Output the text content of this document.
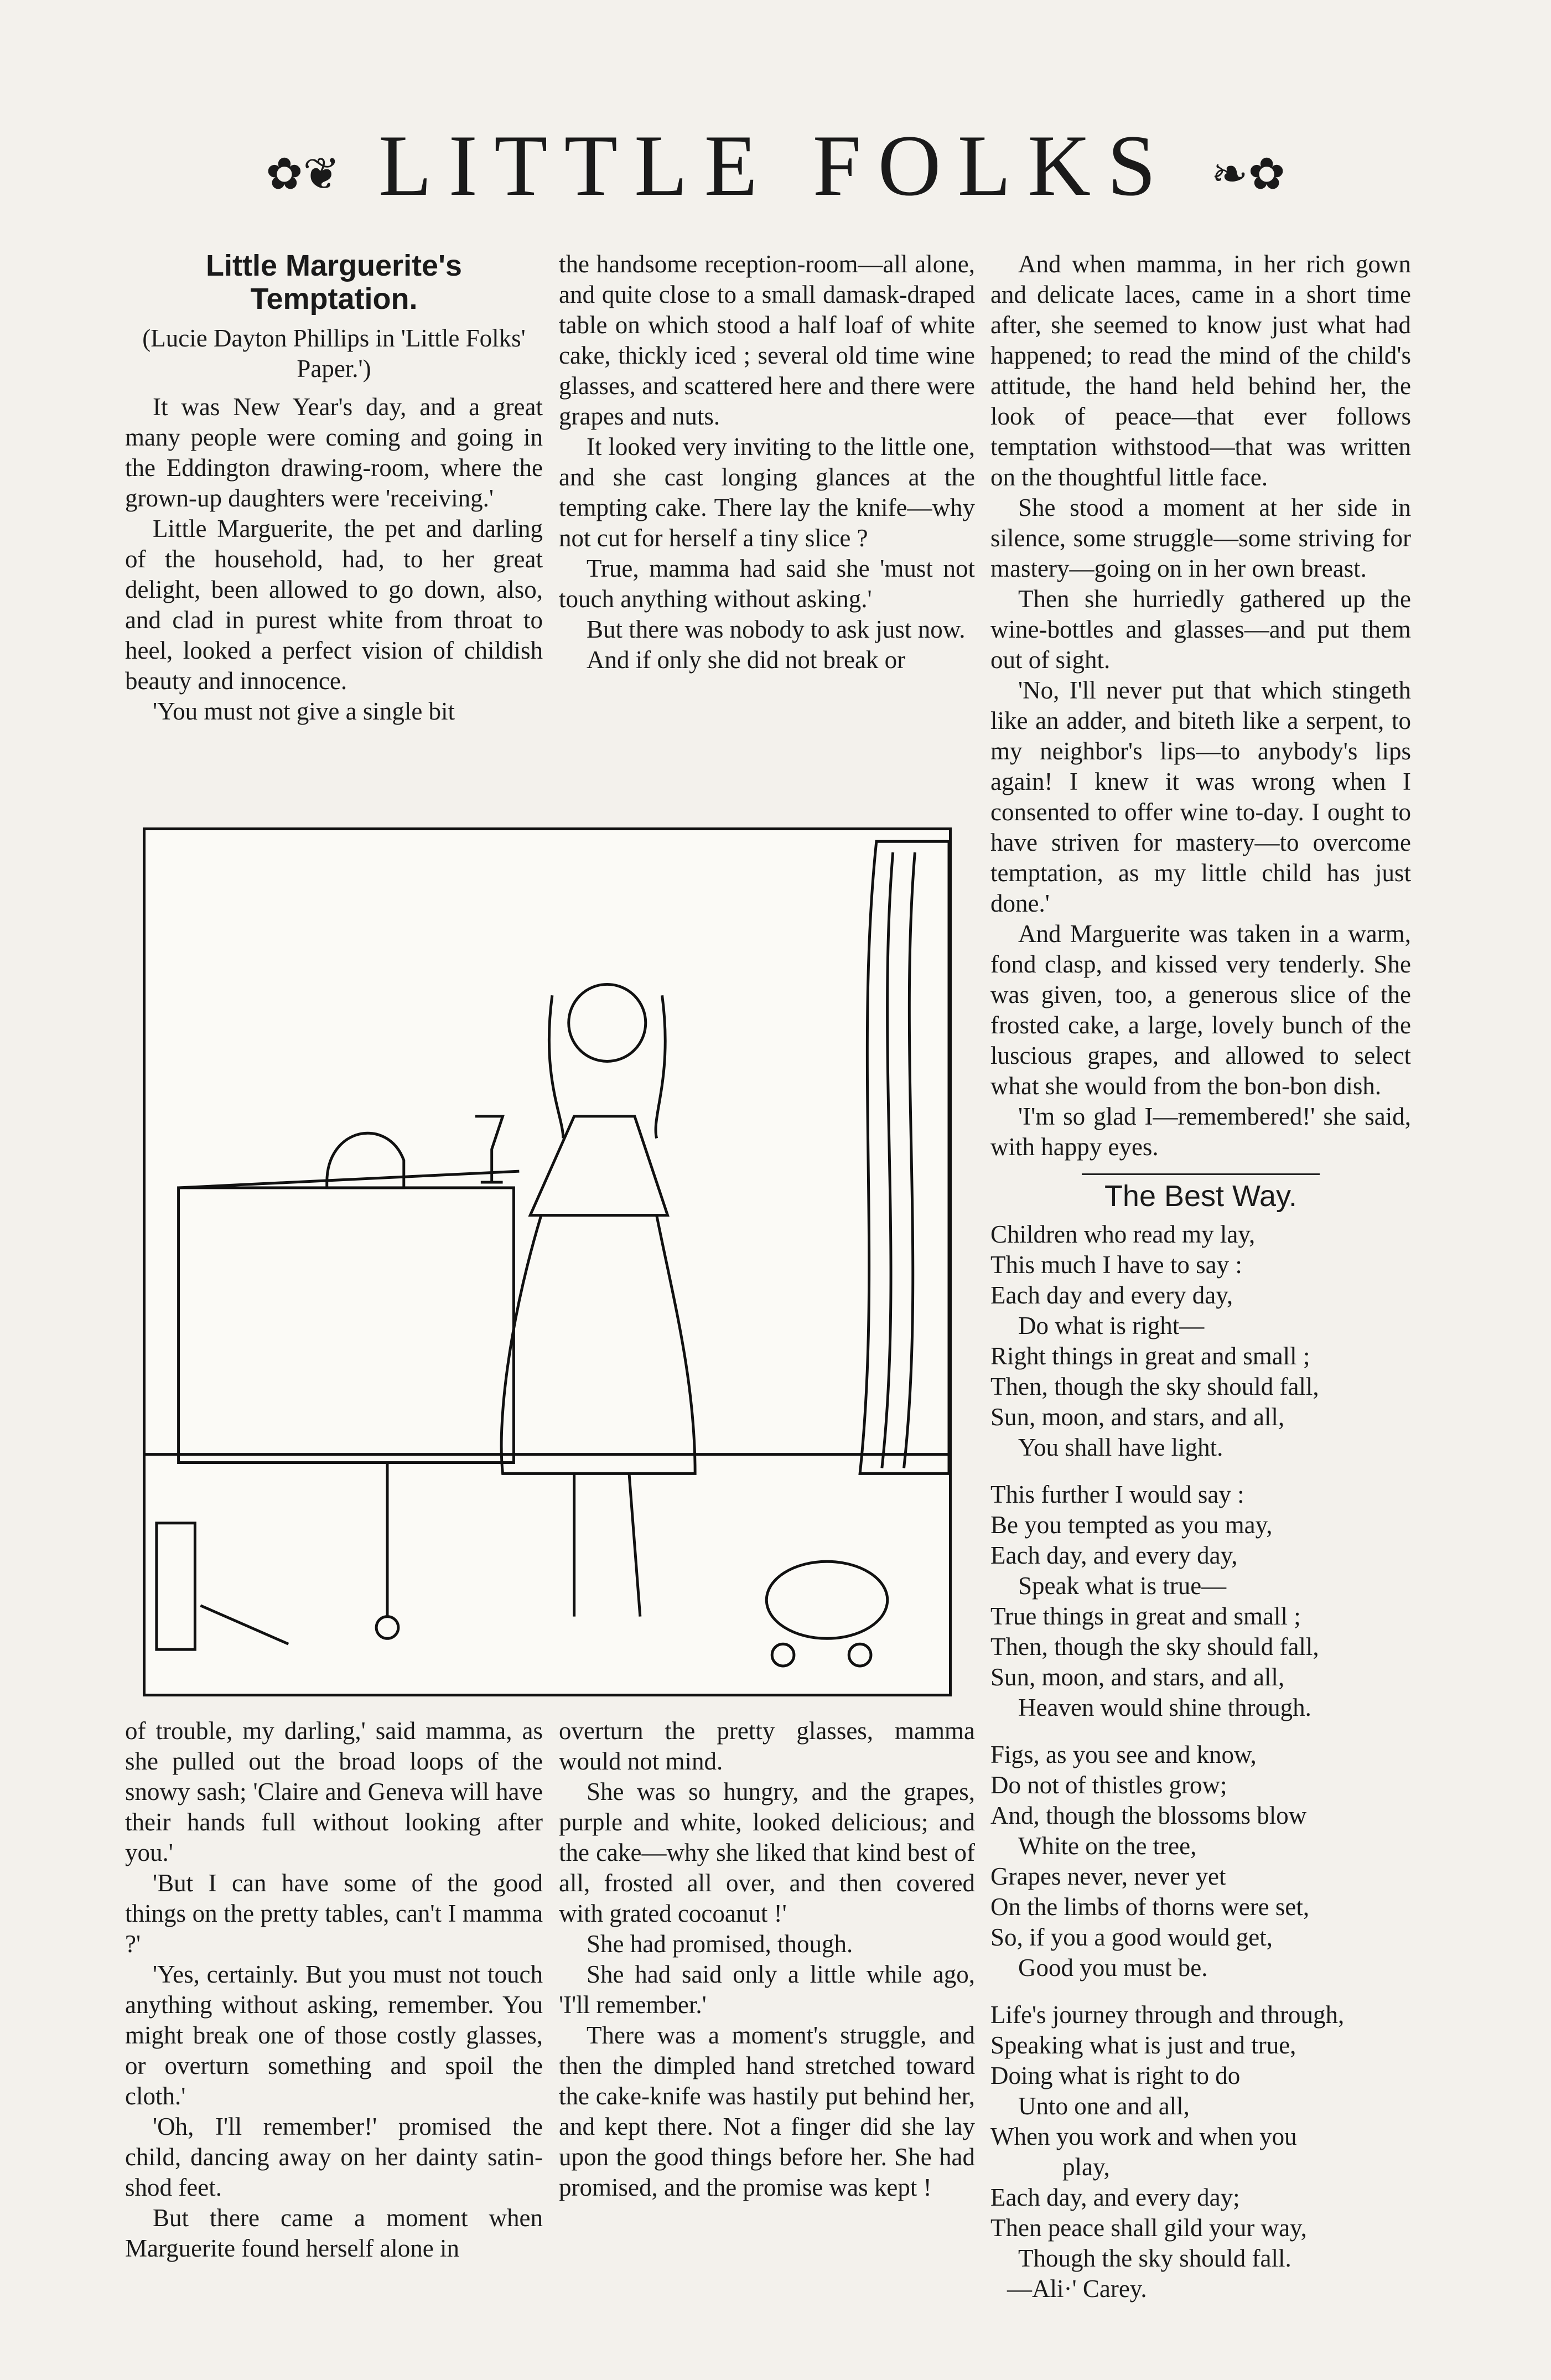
✿❦ LITTLE FOLKS ❧✿
Little Marguerite's Temptation.
(Lucie Dayton Phillips in 'Little Folks' Paper.')

It was New Year's day, and a great many people were coming and going in the Eddington drawing-room, where the grown-up daughters were 'receiving.'

Little Marguerite, the pet and darling of the household, had, to her great delight, been allowed to go down, also, and clad in purest white from throat to heel, looked a perfect vision of childish beauty and innocence.

'You must not give a single bit

the handsome reception-room—all alone, and quite close to a small damask-draped table on which stood a half loaf of white cake, thickly iced ; several old time wine glasses, and scattered here and there were grapes and nuts.

It looked very inviting to the little one, and she cast longing glances at the tempting cake. There lay the knife—why not cut for herself a tiny slice ?

True, mamma had said she 'must not touch anything without asking.'

But there was nobody to ask just now.

And if only she did not break or

of trouble, my darling,' said mamma, as she pulled out the broad loops of the snowy sash; 'Claire and Geneva will have their hands full without looking after you.'

'But I can have some of the good things on the pretty tables, can't I mamma ?'

'Yes, certainly. But you must not touch anything without asking, remember. You might break one of those costly glasses, or overturn something and spoil the cloth.'

'Oh, I'll remember!' promised the child, dancing away on her dainty satin-shod feet.

But there came a moment when Marguerite found herself alone in

overturn the pretty glasses, mamma would not mind.

She was so hungry, and the grapes, purple and white, looked delicious; and the cake—why she liked that kind best of all, frosted all over, and then covered with grated cocoanut !'

She had promised, though.

She had said only a little while ago, 'I'll remember.'

There was a moment's struggle, and then the dimpled hand stretched toward the cake-knife was hastily put behind her, and kept there. Not a finger did she lay upon the good things before her. She had promised, and the promise was kept !

And when mamma, in her rich gown and delicate laces, came in a short time after, she seemed to know just what had happened; to read the mind of the child's attitude, the hand held behind her, the look of peace—that ever follows temptation withstood—that was written on the thoughtful little face.

She stood a moment at her side in silence, some struggle—some striving for mastery—going on in her own breast.

Then she hurriedly gathered up the wine-bottles and glasses—and put them out of sight.

'No, I'll never put that which stingeth like an adder, and biteth like a serpent, to my neighbor's lips—to anybody's lips again! I knew it was wrong when I consented to offer wine to-day. I ought to have striven for mastery—to overcome temptation, as my little child has just done.'

And Marguerite was taken in a warm, fond clasp, and kissed very tenderly. She was given, too, a generous slice of the frosted cake, a large, lovely bunch of the luscious grapes, and allowed to select what she would from the bon-bon dish.

'I'm so glad I—remembered!' she said, with happy eyes.

The Best Way.
Children who read my lay,
This much I have to say :
Each day and every day,
Do what is right—
Right things in great and small ;
Then, though the sky should fall,
Sun, moon, and stars, and all,
You shall have light.
This further I would say :
Be you tempted as you may,
Each day, and every day,
Speak what is true—
True things in great and small ;
Then, though the sky should fall,
Sun, moon, and stars, and all,
Heaven would shine through.
Figs, as you see and know,
Do not of thistles grow;
And, though the blossoms blow
White on the tree,
Grapes never, never yet
On the limbs of thorns were set,
So, if you a good would get,
Good you must be.
Life's journey through and through,
Speaking what is just and true,
Doing what is right to do
Unto one and all,
When you work and when you
play,
Each day, and every day;
Then peace shall gild your way,
Though the sky should fall.
—Ali·' Carey.
